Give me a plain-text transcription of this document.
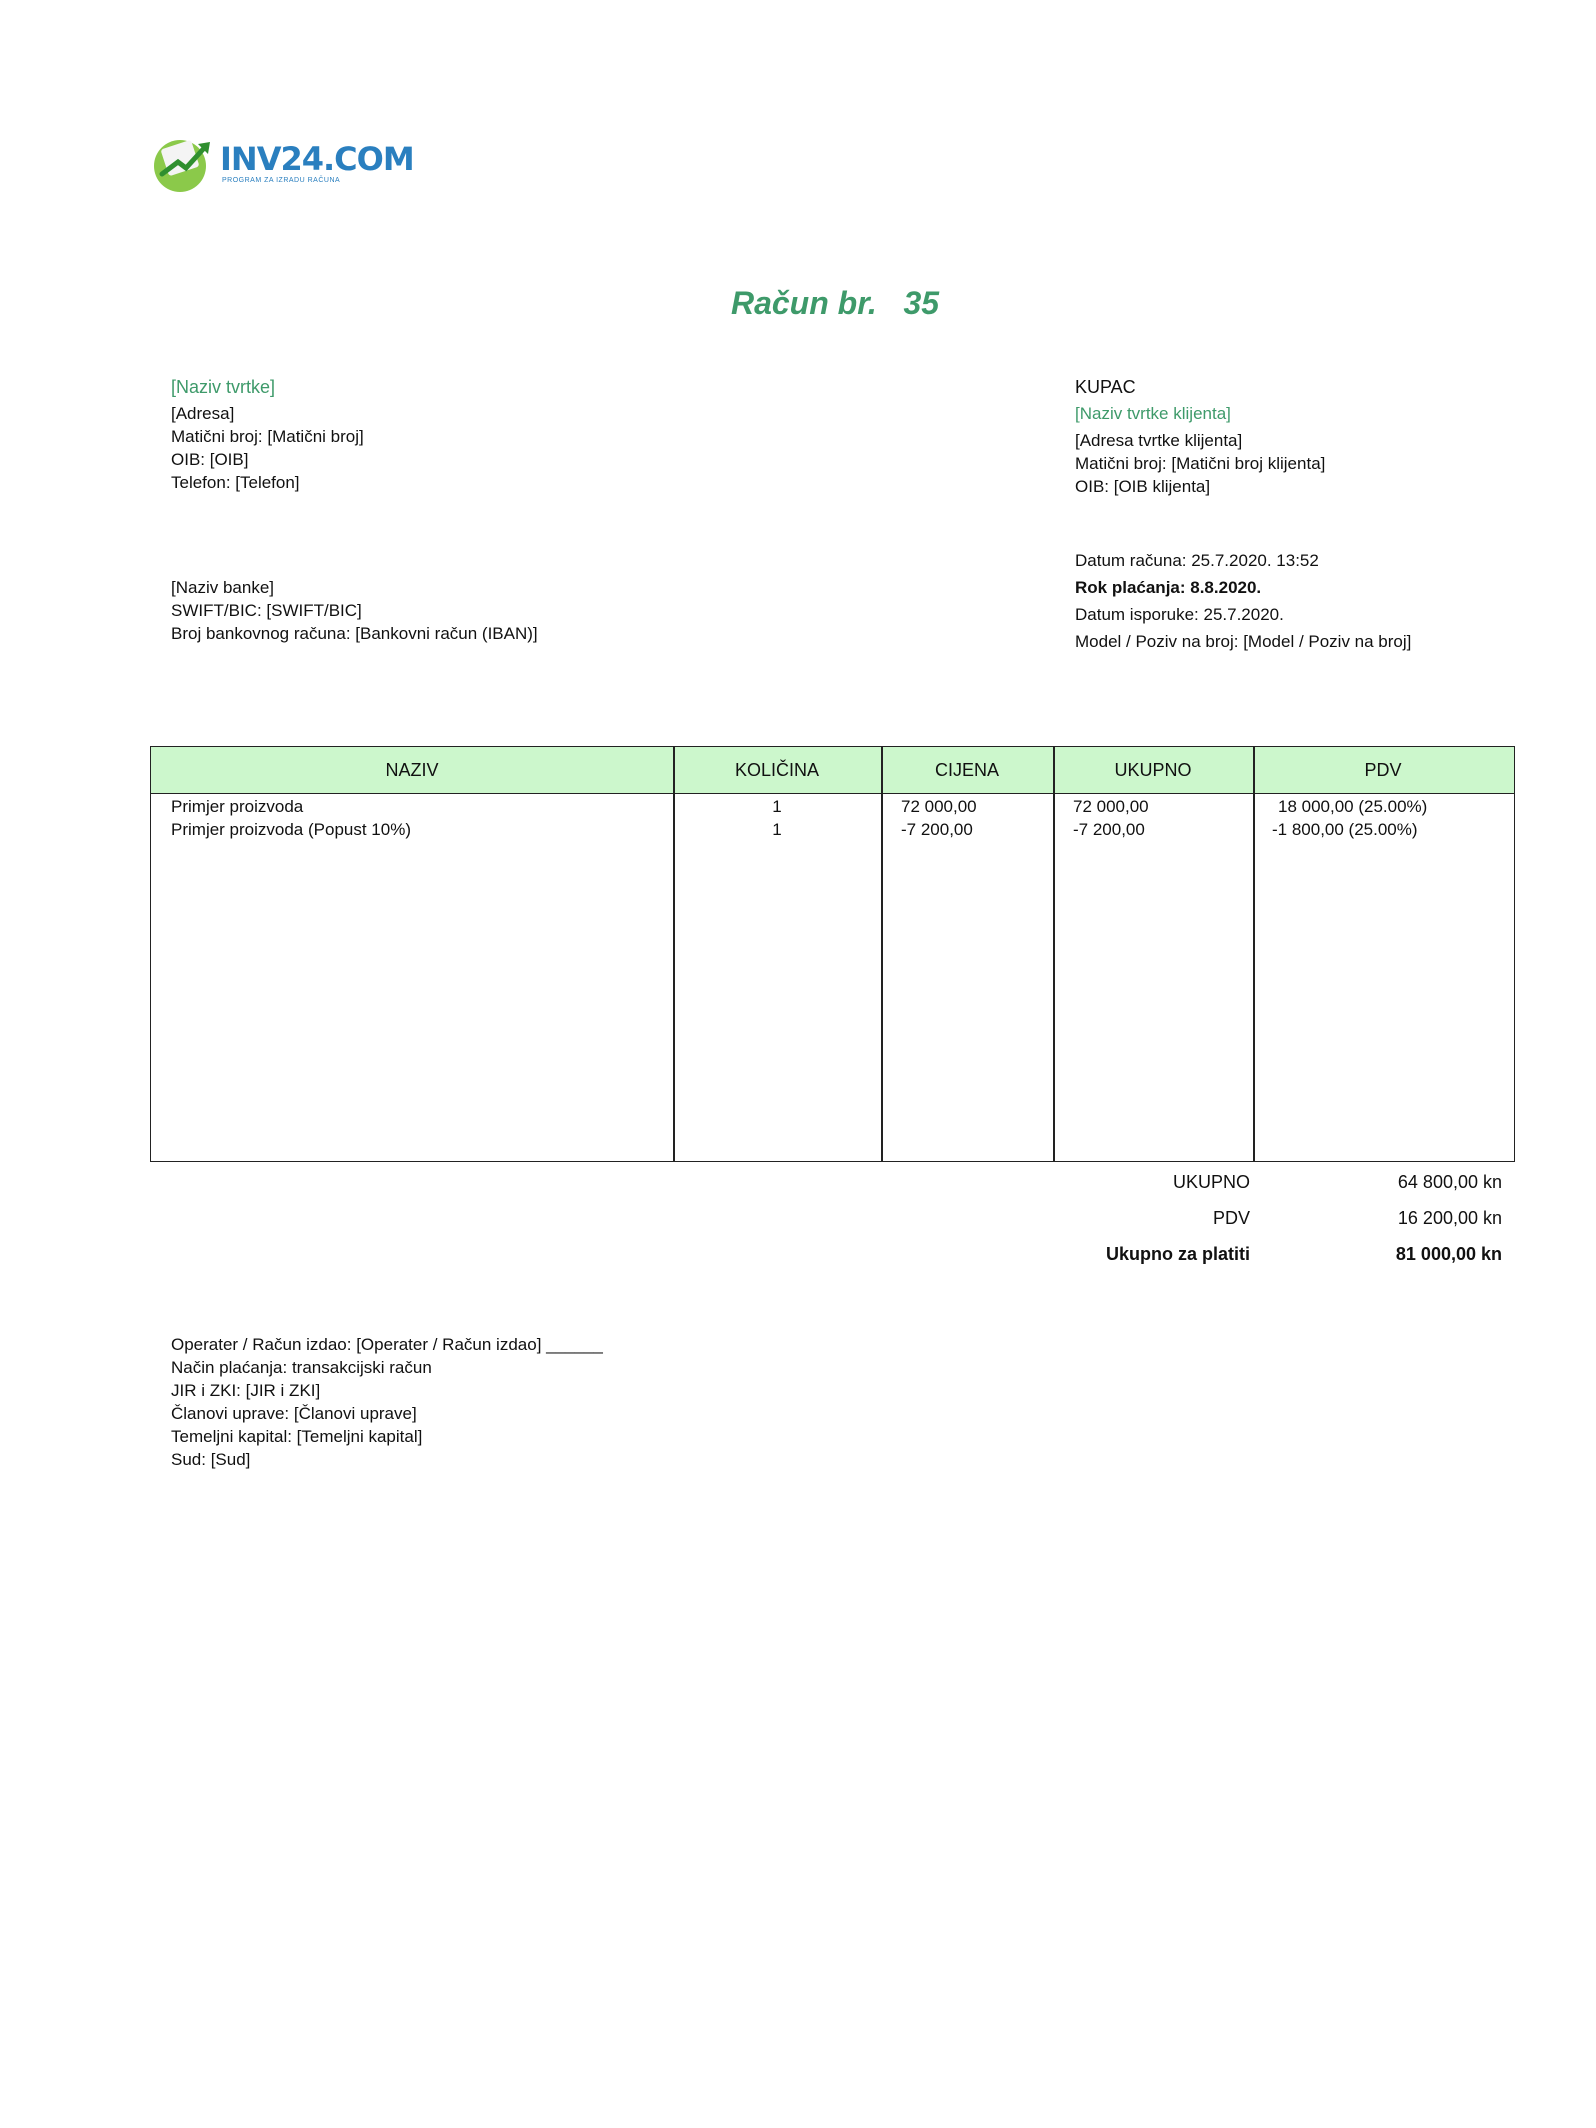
INV24.COM
PROGRAM ZA IZRADU RAČUNA
Račun br.   35
[Naziv tvrtke]
[Adresa]
Matični broj: [Matični broj]
OIB: [OIB]
Telefon: [Telefon]
[Naziv banke]
SWIFT/BIC: [SWIFT/BIC]
Broj bankovnog računa: [Bankovni račun (IBAN)]
KUPAC
[Naziv tvrtke klijenta]
[Adresa tvrtke klijenta]
Matični broj: [Matični broj klijenta]
OIB: [OIB klijenta]
Datum računa: 25.7.2020. 13:52
Rok plaćanja: 8.8.2020.
Datum isporuke: 25.7.2020.
Model / Poziv na broj: [Model / Poziv na broj]
NAZIV	KOLIČINA	CIJENA	UKUPNO	PDV
Primjer proizvoda	1	72 000,00	72 000,00	18 000,00 (25.00%)
Primjer proizvoda (Popust 10%)	1	-7 200,00	-7 200,00	-1 800,00 (25.00%)
UKUPNO	64 800,00 kn
PDV	16 200,00 kn
Ukupno za platiti	81 000,00 kn
Operater / Račun izdao: [Operater / Račun izdao] ______
Način plaćanja: transakcijski račun
JIR i ZKI: [JIR i ZKI]
Članovi uprave: [Članovi uprave]
Temeljni kapital: [Temeljni kapital]
Sud: [Sud]
